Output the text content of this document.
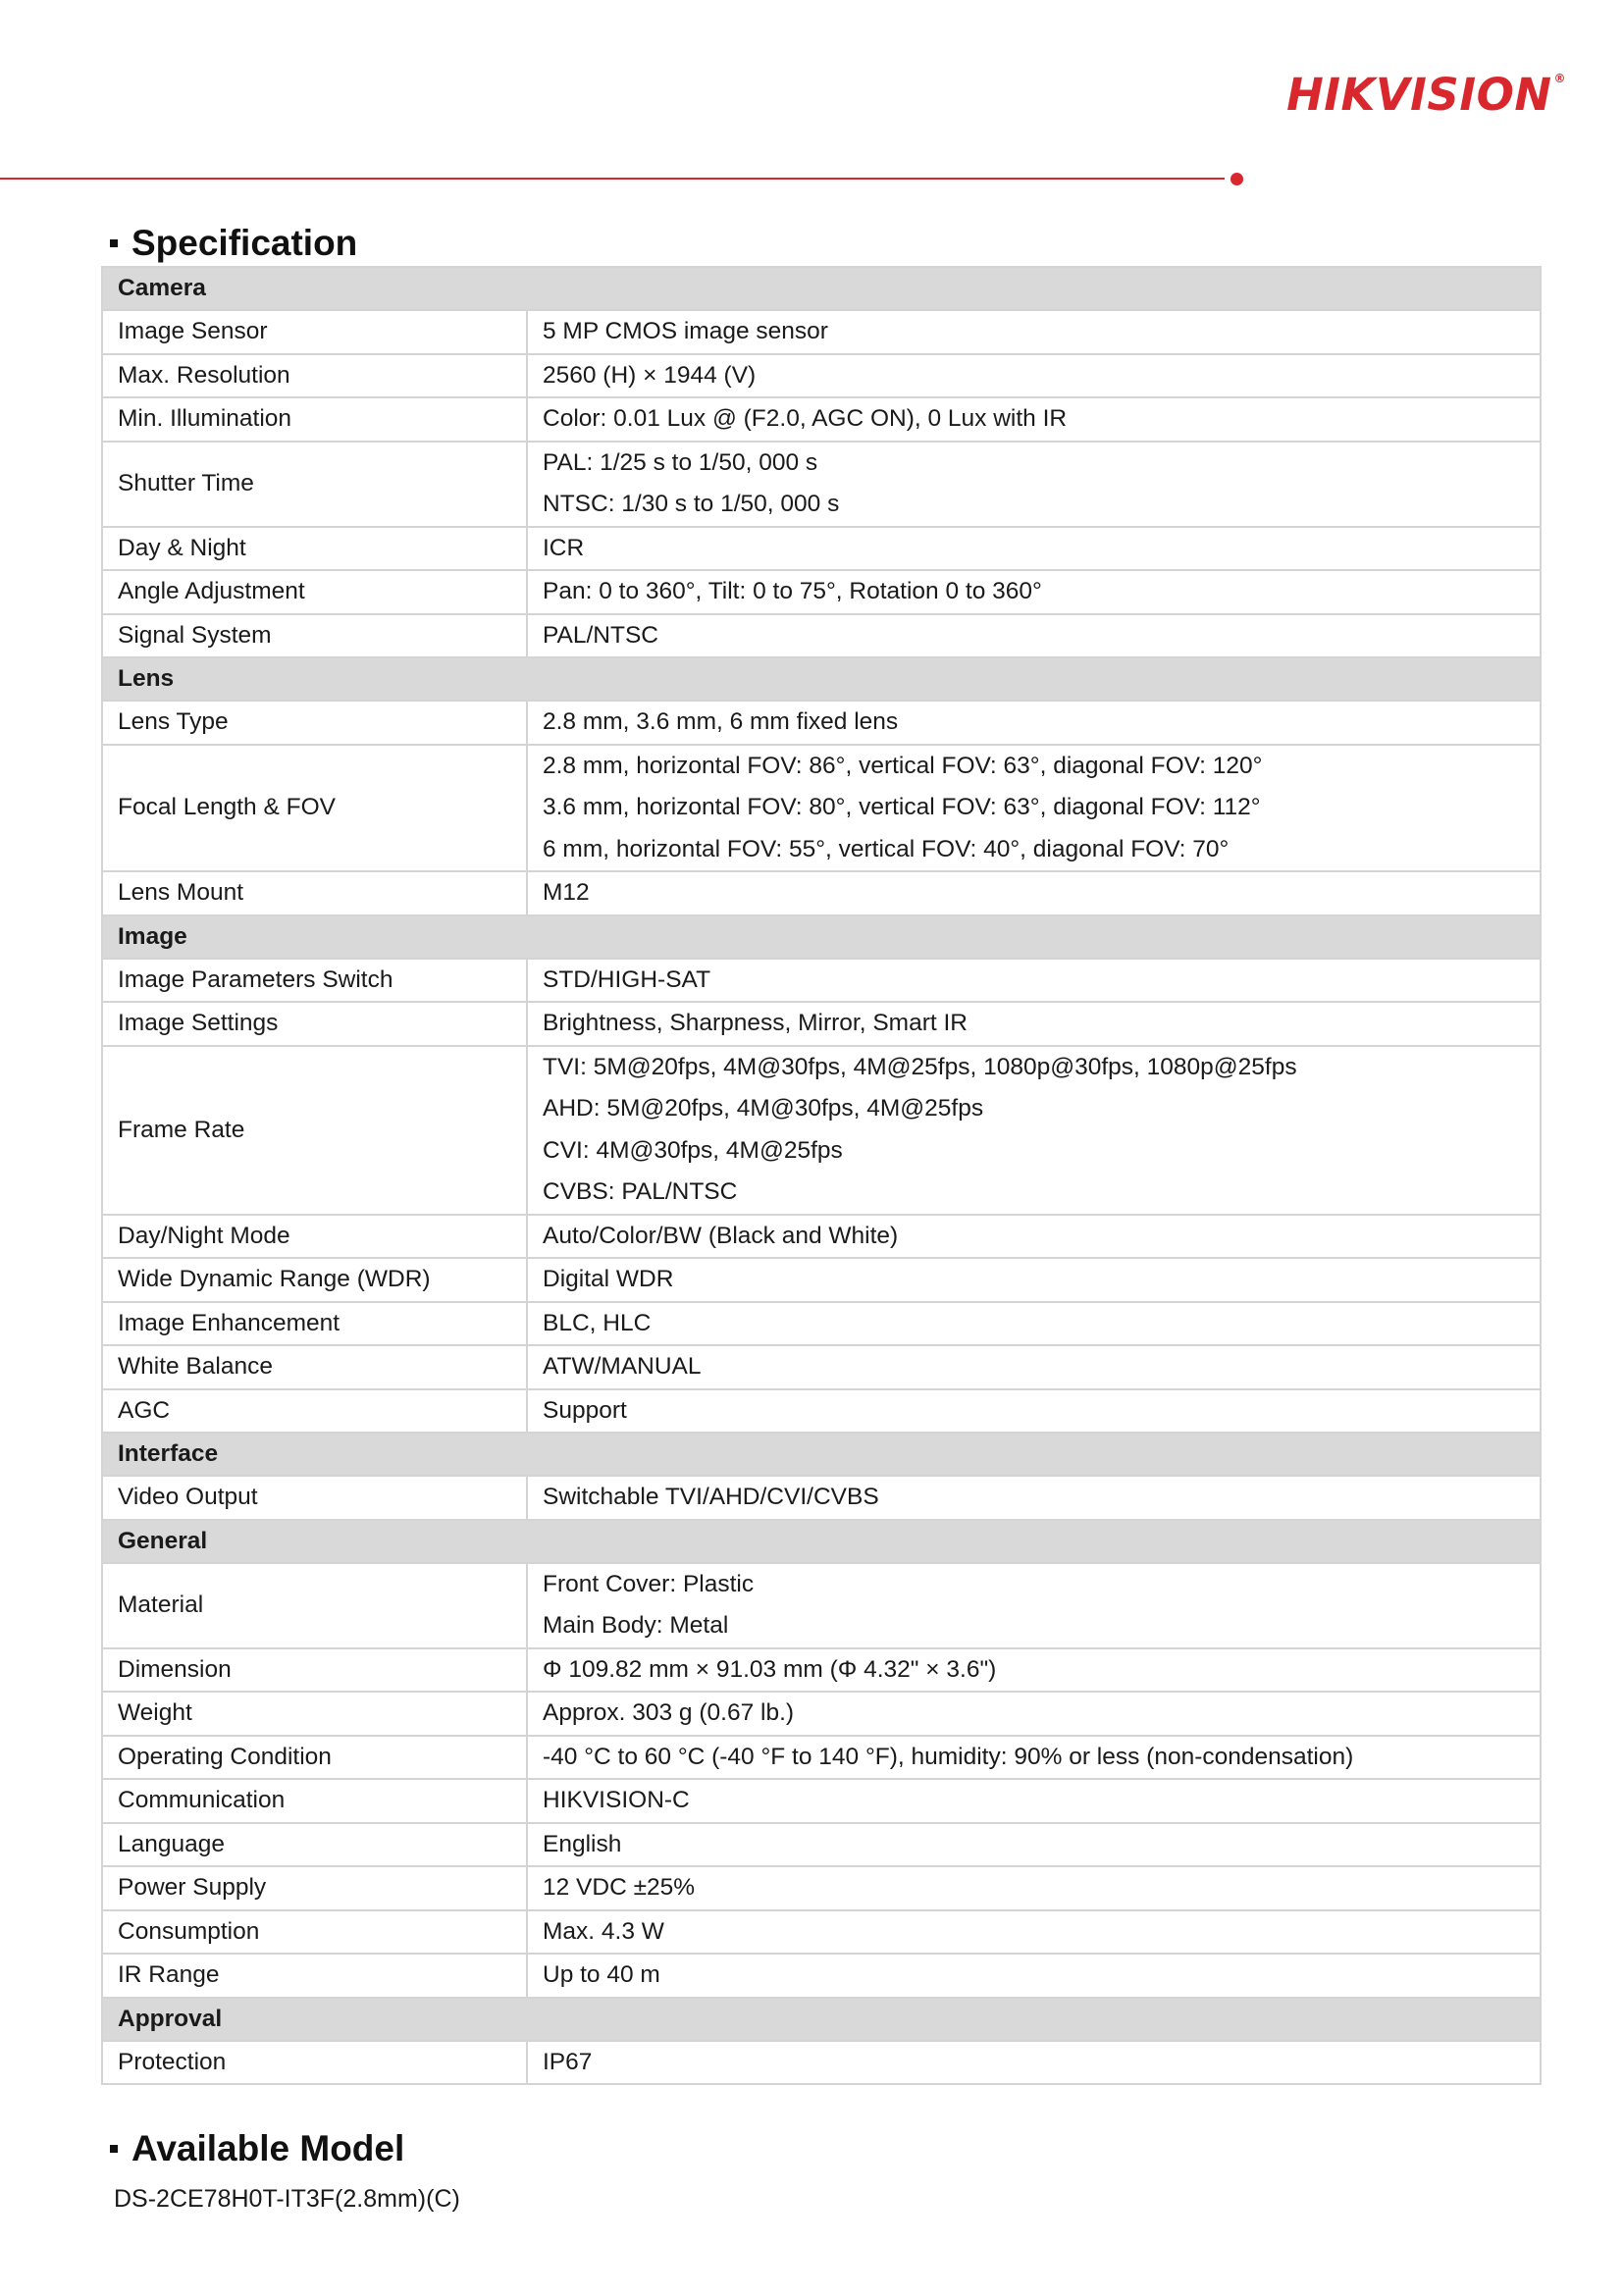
HIKVISION ®
Specification
Camera	
Image Sensor	5 MP CMOS image sensor

Max. Resolution	2560 (H) × 1944 (V)

Min. Illumination	Color: 0.01 Lux @ (F2.0, AGC ON), 0 Lux with IR

Shutter Time	PAL: 1/25 s to 1/50, 000 s
NTSC: 1/30 s to 1/50, 000 s

Day & Night	ICR

Angle Adjustment	Pan: 0 to 360°, Tilt: 0 to 75°, Rotation 0 to 360°

Signal System	PAL/NTSC

Lens	
Lens Type	2.8 mm, 3.6 mm, 6 mm fixed lens

Focal Length & FOV	2.8 mm, horizontal FOV: 86°, vertical FOV: 63°, diagonal FOV: 120°
3.6 mm, horizontal FOV: 80°, vertical FOV: 63°, diagonal FOV: 112°
6 mm, horizontal FOV: 55°, vertical FOV: 40°, diagonal FOV: 70°

Lens Mount	M12

Image	
Image Parameters Switch	STD/HIGH-SAT

Image Settings	Brightness, Sharpness, Mirror, Smart IR

Frame Rate	TVI: 5M@20fps, 4M@30fps, 4M@25fps, 1080p@30fps, 1080p@25fps
AHD: 5M@20fps, 4M@30fps, 4M@25fps
CVI: 4M@30fps, 4M@25fps
CVBS: PAL/NTSC

Day/Night Mode	Auto/Color/BW (Black and White)

Wide Dynamic Range (WDR)	Digital WDR

Image Enhancement	BLC, HLC

White Balance	ATW/MANUAL

AGC	Support

Interface	
Video Output	Switchable TVI/AHD/CVI/CVBS

General	
Material	Front Cover: Plastic
Main Body: Metal

Dimension	Φ 109.82 mm × 91.03 mm (Φ 4.32" × 3.6")

Weight	Approx. 303 g (0.67 lb.)

Operating Condition	-40 °C to 60 °C (-40 °F to 140 °F), humidity: 90% or less (non-condensation)

Communication	HIKVISION-C

Language	English

Power Supply	12 VDC ±25%

Consumption	Max. 4.3 W

IR Range	Up to 40 m

Approval	
Protection	IP67
Available Model
DS-2CE78H0T-IT3F(2.8mm)(C)
